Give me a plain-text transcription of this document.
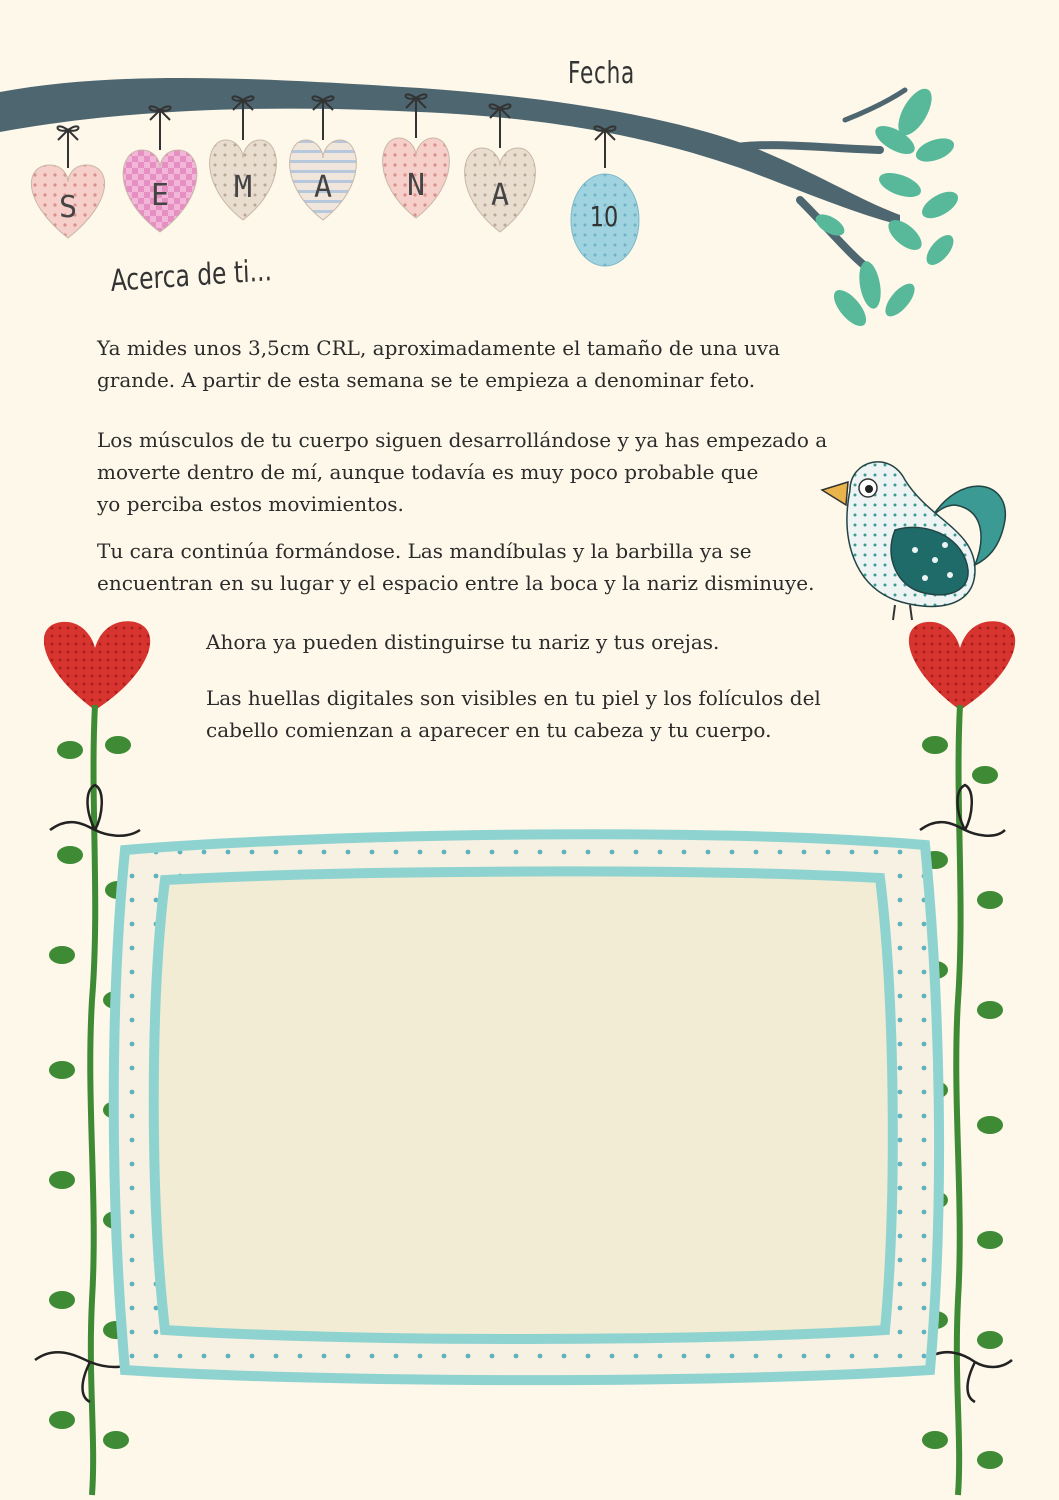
Fecha
S	E	M	A	N	A
10
Acerca de ti...

Ya mides unos 3,5cm CRL, aproximadamente el tamaño de una uva
grande. A partir de esta semana se te empieza a denominar feto.

Los músculos de tu cuerpo siguen desarrollándose y ya has empezado a
moverte dentro de mí, aunque todavía es muy poco probable que
yo perciba estos movimientos.

Tu cara continúa formándose. Las mandíbulas y la barbilla ya se
encuentran en su lugar y el espacio entre la boca y la nariz disminuye.

Ahora ya pueden distinguirse tu nariz y tus orejas.

Las huellas digitales son visibles en tu piel y los folículos del
cabello comienzan a aparecer en tu cabeza y tu cuerpo.
